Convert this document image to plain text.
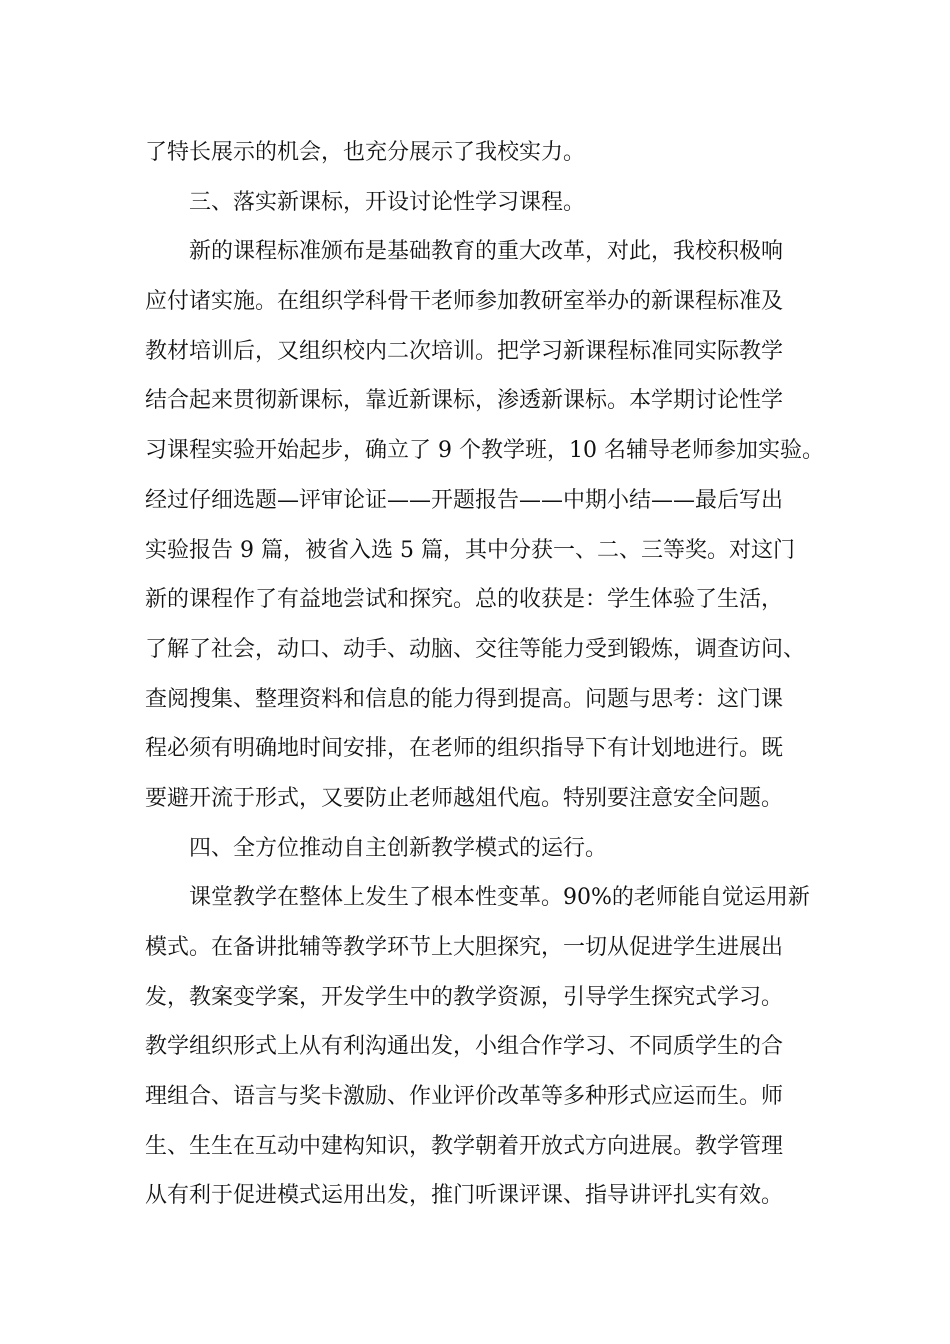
了特长展示的机会，也充分展示了我校实力。
三、落实新课标，开设讨论性学习课程。
新的课程标准颁布是基础教育的重大改革，对此，我校积极响
应付诸实施。在组织学科骨干老师参加教研室举办的新课程标准及
教材培训后，又组织校内二次培训。把学习新课程标准同实际教学
结合起来贯彻新课标，靠近新课标，渗透新课标。本学期讨论性学
习课程实验开始起步，确立了 9 个教学班，10 名辅导老师参加实验。
经过仔细选题—评审论证——开题报告——中期小结——最后写出
实验报告 9 篇，被省入选 5 篇，其中分获一、二、三等奖。对这门
新的课程作了有益地尝试和探究。总的收获是：学生体验了生活，
了解了社会，动口、动手、动脑、交往等能力受到锻炼，调查访问、
查阅搜集、整理资料和信息的能力得到提高。问题与思考：这门课
程必须有明确地时间安排，在老师的组织指导下有计划地进行。既
要避开流于形式，又要防止老师越俎代庖。特别要注意安全问题。
四、全方位推动自主创新教学模式的运行。
课堂教学在整体上发生了根本性变革。90%的老师能自觉运用新
模式。在备讲批辅等教学环节上大胆探究，一切从促进学生进展出
发，教案变学案，开发学生中的教学资源，引导学生探究式学习。
教学组织形式上从有利沟通出发，小组合作学习、不同质学生的合
理组合、语言与奖卡激励、作业评价改革等多种形式应运而生。师
生、生生在互动中建构知识，教学朝着开放式方向进展。教学管理
从有利于促进模式运用出发，推门听课评课、指导讲评扎实有效。
